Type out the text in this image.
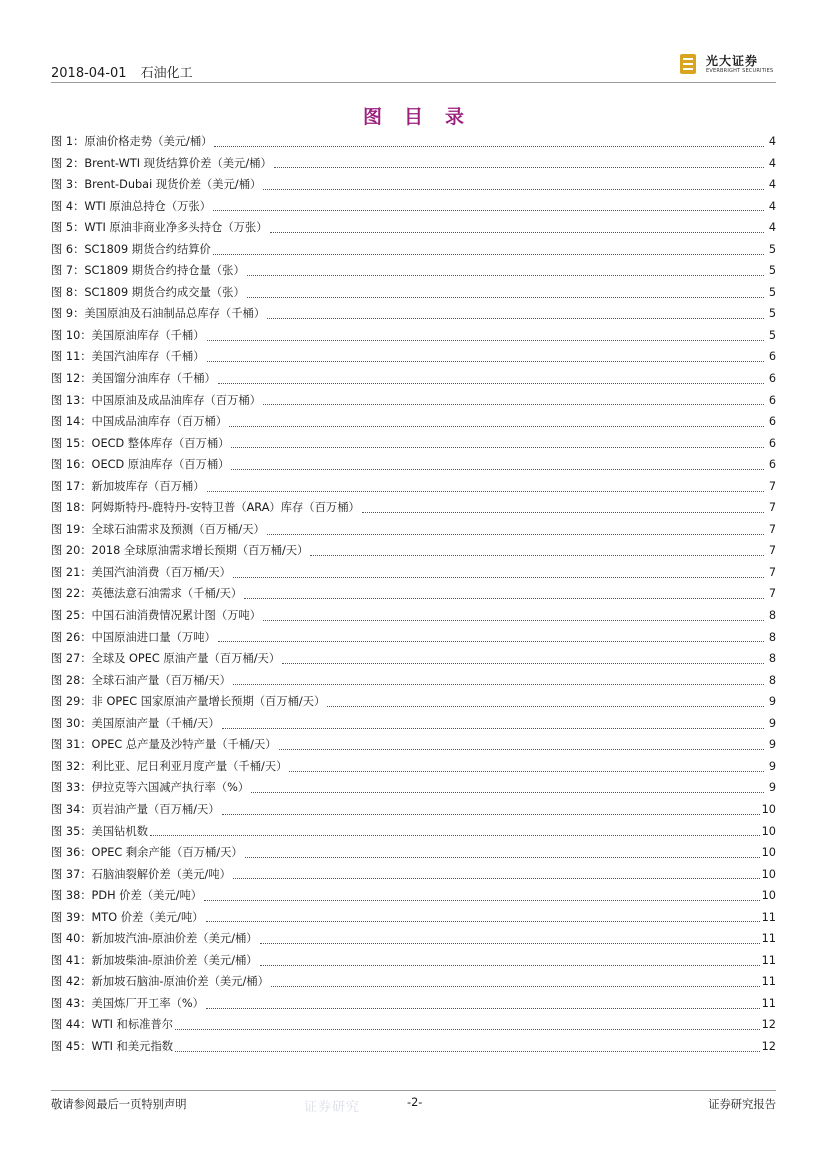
2018-04-01 石油化工
光大证券
EVERBRIGHT SECURITIES
图目录
图 1：原油价格走势（美元/桶）	4
图 2：Brent-WTI 现货结算价差（美元/桶）	4
图 3：Brent-Dubai 现货价差（美元/桶）	4
图 4：WTI 原油总持仓（万张）	4
图 5：WTI 原油非商业净多头持仓（万张）	4
图 6：SC1809 期货合约结算价	5
图 7：SC1809 期货合约持仓量（张）	5
图 8：SC1809 期货合约成交量（张）	5
图 9：美国原油及石油制品总库存（千桶）	5
图 10：美国原油库存（千桶）	5
图 11：美国汽油库存（千桶）	6
图 12：美国馏分油库存（千桶）	6
图 13：中国原油及成品油库存（百万桶）	6
图 14：中国成品油库存（百万桶）	6
图 15：OECD 整体库存（百万桶）	6
图 16：OECD 原油库存（百万桶）	6
图 17：新加坡库存（百万桶）	7
图 18：阿姆斯特丹-鹿特丹-安特卫普（ARA）库存（百万桶）	7
图 19：全球石油需求及预测（百万桶/天）	7
图 20：2018 全球原油需求增长预期（百万桶/天）	7
图 21：美国汽油消费（百万桶/天）	7
图 22：英德法意石油需求（千桶/天）	7
图 25：中国石油消费情况累计图（万吨）	8
图 26：中国原油进口量（万吨）	8
图 27：全球及 OPEC 原油产量（百万桶/天）	8
图 28：全球石油产量（百万桶/天）	8
图 29：非 OPEC 国家原油产量增长预期（百万桶/天）	9
图 30：美国原油产量（千桶/天）	9
图 31：OPEC 总产量及沙特产量（千桶/天）	9
图 32：利比亚、尼日利亚月度产量（千桶/天）	9
图 33：伊拉克等六国减产执行率（%）	9
图 34：页岩油产量（百万桶/天）	10
图 35：美国钻机数	10
图 36：OPEC 剩余产能（百万桶/天）	10
图 37：石脑油裂解价差（美元/吨）	10
图 38：PDH 价差（美元/吨）	10
图 39：MTO 价差（美元/吨）	11
图 40：新加坡汽油-原油价差（美元/桶）	11
图 41：新加坡柴油-原油价差（美元/桶）	11
图 42：新加坡石脑油-原油价差（美元/桶）	11
图 43：美国炼厂开工率（%）	11
图 44：WTI 和标准普尔	12
图 45：WTI 和美元指数	12
敬请参阅最后一页特别声明	证券研究	-2-	证券研究报告
